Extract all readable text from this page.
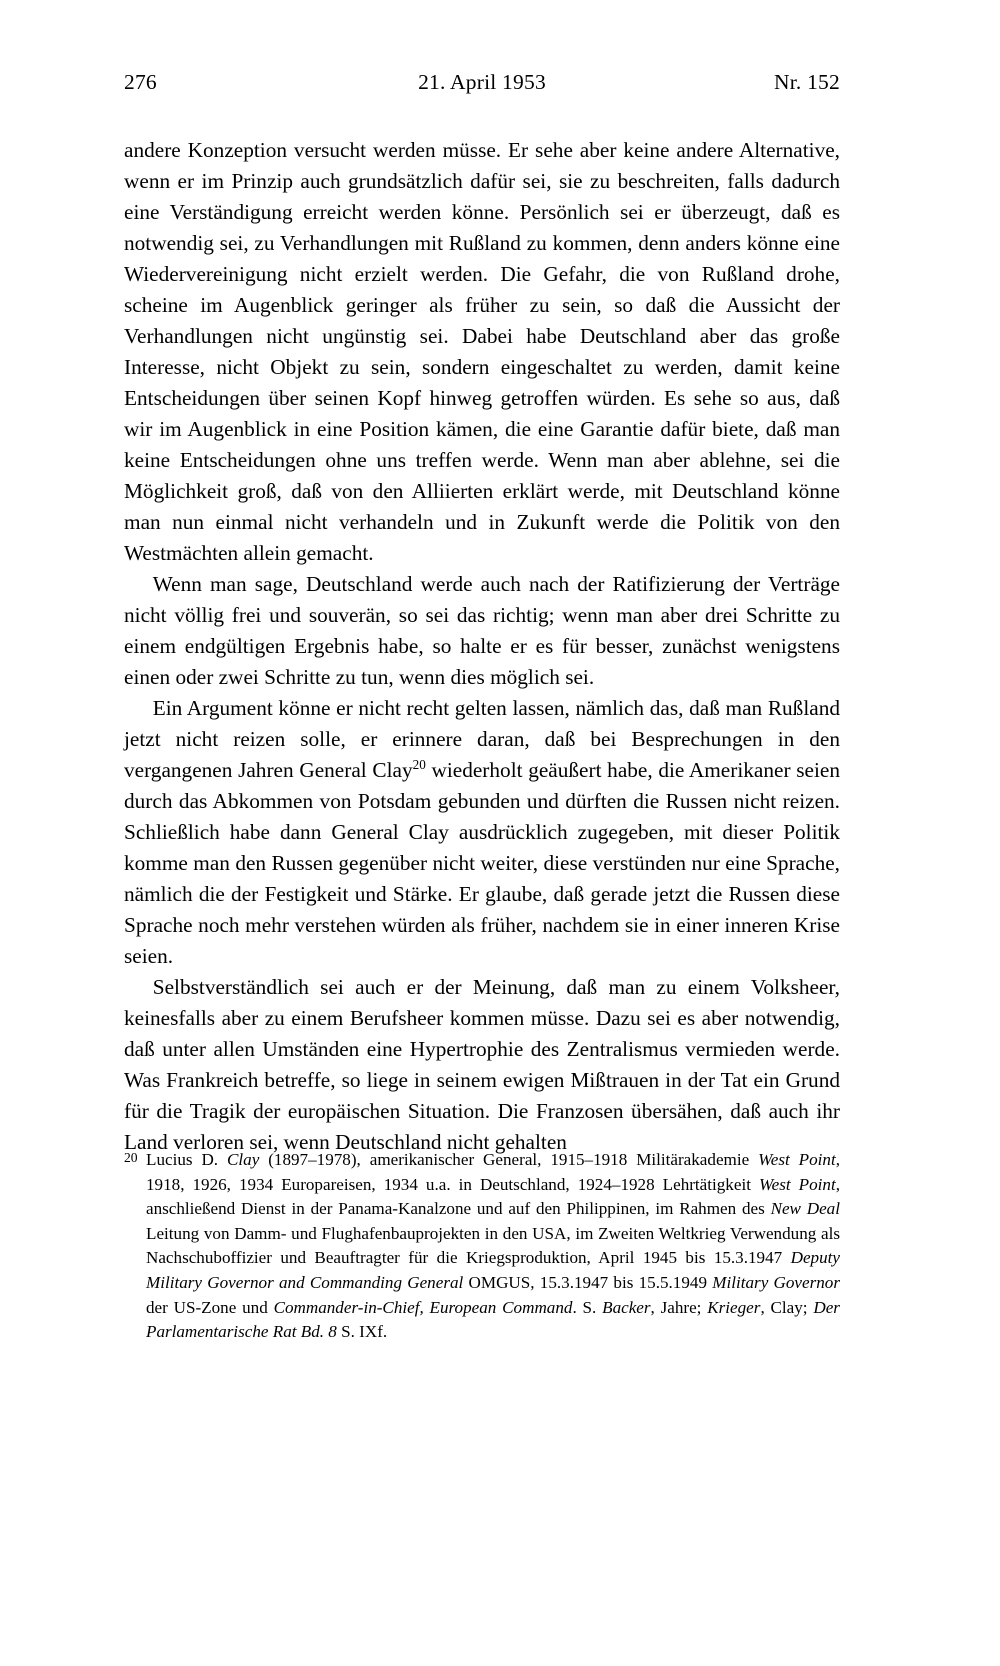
276	21. April 1953	Nr. 152

andere Konzeption versucht werden müsse. Er sehe aber keine andere Alternative, wenn er im Prinzip auch grundsätzlich dafür sei, sie zu beschreiten, falls dadurch eine Verständigung erreicht werden könne. Persönlich sei er überzeugt, daß es notwendig sei, zu Verhandlungen mit Rußland zu kommen, denn anders könne eine Wiedervereinigung nicht erzielt werden. Die Gefahr, die von Rußland drohe, scheine im Augenblick geringer als früher zu sein, so daß die Aussicht der Verhandlungen nicht ungünstig sei. Dabei habe Deutschland aber das große Interesse, nicht Objekt zu sein, sondern eingeschaltet zu werden, damit keine Entscheidungen über seinen Kopf hinweg getroffen würden. Es sehe so aus, daß wir im Augenblick in eine Position kämen, die eine Garantie dafür biete, daß man keine Entscheidungen ohne uns treffen werde. Wenn man aber ablehne, sei die Möglichkeit groß, daß von den Alliierten erklärt werde, mit Deutschland könne man nun einmal nicht verhandeln und in Zukunft werde die Politik von den Westmächten allein gemacht.

Wenn man sage, Deutschland werde auch nach der Ratifizierung der Verträge nicht völlig frei und souverän, so sei das richtig; wenn man aber drei Schritte zu einem endgültigen Ergebnis habe, so halte er es für besser, zunächst wenigstens einen oder zwei Schritte zu tun, wenn dies möglich sei.

Ein Argument könne er nicht recht gelten lassen, nämlich das, daß man Rußland jetzt nicht reizen solle, er erinnere daran, daß bei Besprechungen in den vergangenen Jahren General Clay$^{20}$ wiederholt geäußert habe, die Amerikaner seien durch das Abkommen von Potsdam gebunden und dürften die Russen nicht reizen. Schließlich habe dann General Clay ausdrücklich zugegeben, mit dieser Politik komme man den Russen gegenüber nicht weiter, diese verstünden nur eine Sprache, nämlich die der Festigkeit und Stärke. Er glaube, daß gerade jetzt die Russen diese Sprache noch mehr verstehen würden als früher, nachdem sie in einer inneren Krise seien.

Selbstverständlich sei auch er der Meinung, daß man zu einem Volksheer, keinesfalls aber zu einem Berufsheer kommen müsse. Dazu sei es aber notwendig, daß unter allen Umständen eine Hypertrophie des Zentralismus vermieden werde. Was Frankreich betreffe, so liege in seinem ewigen Mißtrauen in der Tat ein Grund für die Tragik der europäischen Situation. Die Franzosen übersähen, daß auch ihr Land verloren sei, wenn Deutschland nicht gehalten

20 Lucius D. Clay (1897–1978), amerikanischer General, 1915–1918 Militärakademie West Point, 1918, 1926, 1934 Europareisen, 1934 u.a. in Deutschland, 1924–1928 Lehrtätigkeit West Point, anschließend Dienst in der Panama-Kanalzone und auf den Philippinen, im Rahmen des New Deal Leitung von Damm- und Flughafenbauprojekten in den USA, im Zweiten Weltkrieg Verwendung als Nachschuboffizier und Beauftragter für die Kriegsproduktion, April 1945 bis 15.3.1947 Deputy Military Governor and Commanding General OMGUS, 15.3.1947 bis 15.5.1949 Military Governor der US-Zone und Commander-in-Chief, European Command. S. Backer, Jahre; Krieger, Clay; Der Parlamentarische Rat Bd. 8 S. IXf.
